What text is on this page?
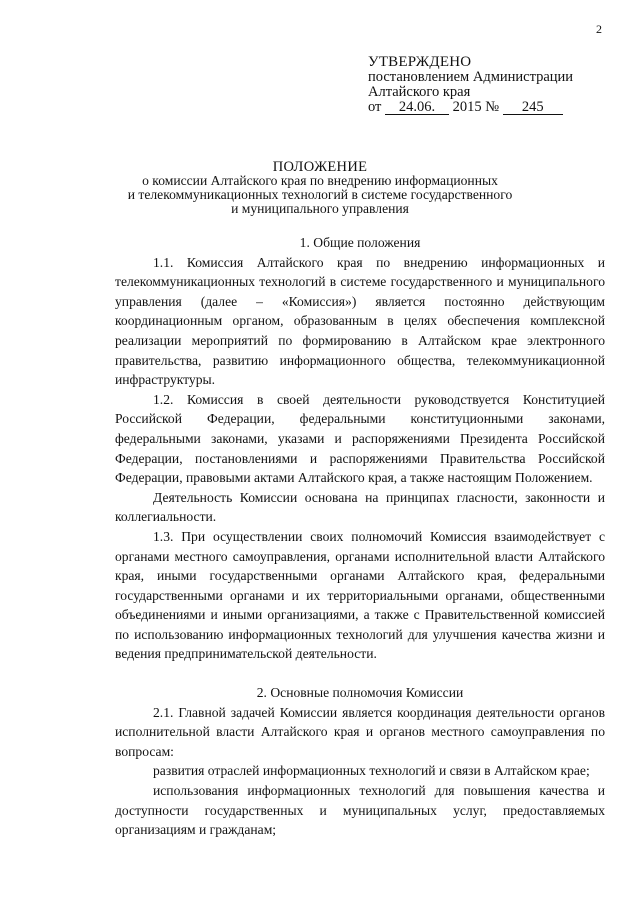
2
УТВЕРЖДЕНО
постановлением Администрации
Алтайского края
от 24.06. 2015 № 245
ПОЛОЖЕНИЕ
о комиссии Алтайского края по внедрению информационных
и телекоммуникационных технологий в системе государственного
и муниципального управления

1. Общие положения

1.1. Комиссия Алтайского края по внедрению информационных и телекоммуникационных технологий в системе государственного и муниципального управления (далее – «Комиссия») является постоянно действующим координационным органом, образованным в целях обеспечения комплексной реализации мероприятий по формированию в Алтайском крае электронного правительства, развитию информационного общества, телекоммуникационной инфраструктуры.

1.2. Комиссия в своей деятельности руководствуется Конституцией Российской Федерации, федеральными конституционными законами, федеральными законами, указами и распоряжениями Президента Российской Федерации, постановлениями и распоряжениями Правительства Российской Федерации, правовыми актами Алтайского края, а также настоящим Положением.

Деятельность Комиссии основана на принципах гласности, законности и коллегиальности.

1.3. При осуществлении своих полномочий Комиссия взаимодействует с органами местного самоуправления, органами исполнительной власти Алтайского края, иными государственными органами Алтайского края, федеральными государственными органами и их территориальными органами, общественными объединениями и иными организациями, а также с Правительственной комиссией по использованию информационных технологий для улучшения качества жизни и ведения предпринимательской деятельности.

2. Основные полномочия Комиссии

2.1. Главной задачей Комиссии является координация деятельности органов исполнительной власти Алтайского края и органов местного самоуправления по вопросам:

развития отраслей информационных технологий и связи в Алтайском крае;

использования информационных технологий для повышения качества и доступности государственных и муниципальных услуг, предоставляемых организациям и гражданам;
